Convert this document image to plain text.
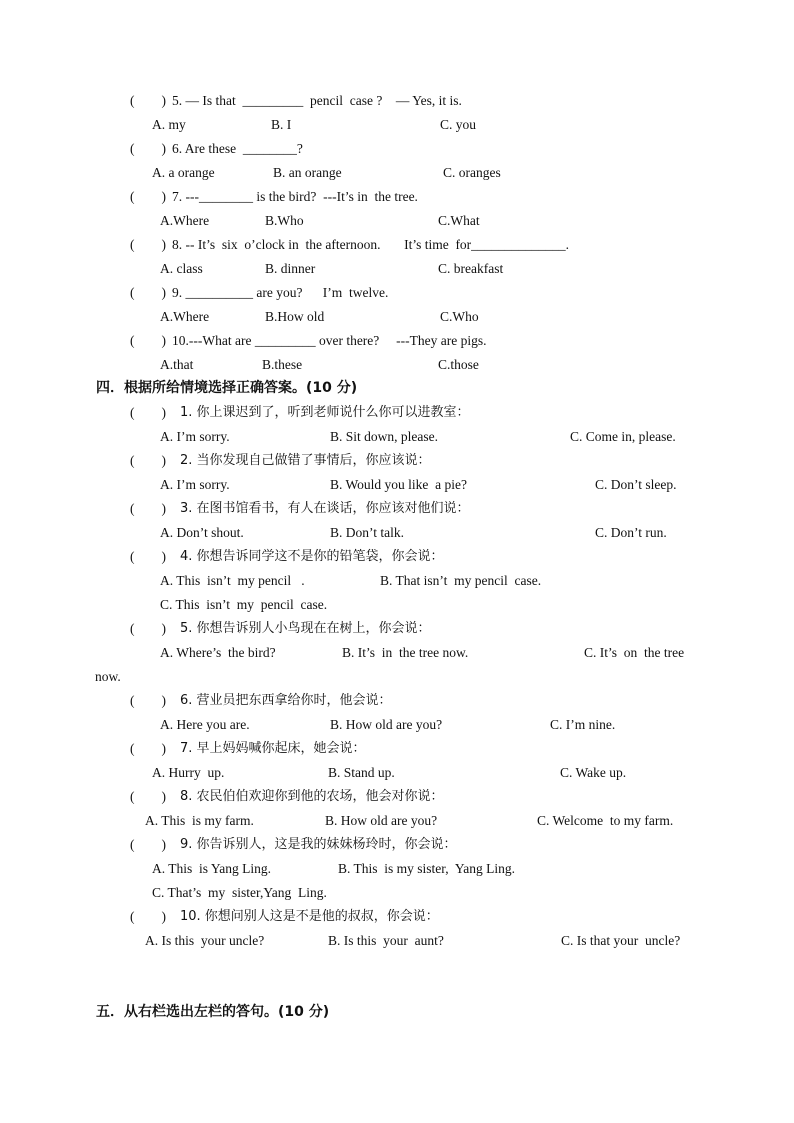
(        ) 5. — Is that  _________  pencil  case ?    — Yes, it is.
A. my	B. I	C. you
(        ) 6. Are these  ________?
A. a orange	B. an orange	C. oranges
(        ) 7. ---________ is the bird?  ---It’s in  the tree.
A.Where	B.Who	C.What
(        ) 8. -- It’s  six  o’clock in  the afternoon.       It’s time  for______________.
A. class	B. dinner	C. breakfast
(        ) 9. __________ are you?      I’m  twelve.
A.Where	B.How old	C.Who
(        ) 10.---What are _________ over there?     ---They are pigs.
A.that	B.these	C.those
四．根据所给情境选择正确答案。(10 分)
(        ) 1. 你上课迟到了，听到老师说什么你可以进教室：
A. I’m sorry.	B. Sit down, please.	C. Come in, please.
(        ) 2. 当你发现自己做错了事情后，你应该说：
A. I’m sorry.	B. Would you like  a pie?	C. Don’t sleep.
(        ) 3. 在图书馆看书，有人在谈话，你应该对他们说：
A. Don’t shout.	B. Don’t talk.	C. Don’t run.
(        ) 4. 你想告诉同学这不是你的铅笔袋，你会说：
A. This  isn’t  my pencil   .	B. That isn’t  my pencil  case.
C. This  isn’t  my  pencil  case.
(        ) 5. 你想告诉别人小鸟现在在树上，你会说：
A. Where’s  the bird?	B. It’s  in  the tree now.	C. It’s  on  the tree
now.
(        ) 6. 营业员把东西拿给你时，他会说：
A. Here you are.	B. How old are you?	C. I’m nine.
(        ) 7. 早上妈妈喊你起床，她会说：
A. Hurry  up.	B. Stand up.	C. Wake up.
(        ) 8. 农民伯伯欢迎你到他的农场，他会对你说：
A. This  is my farm.	B. How old are you?	C. Welcome  to my farm.
(        ) 9. 你告诉别人，这是我的妹妹杨玲时，你会说：
A. This  is Yang Ling.	B. This  is my sister,  Yang Ling.
C. That’s  my  sister,Yang  Ling.
(        ) 10. 你想问别人这是不是他的叔叔，你会说：
A. Is this  your uncle?	B. Is this  your  aunt?	C. Is that your  uncle?
五．从右栏选出左栏的答句。(10 分)
